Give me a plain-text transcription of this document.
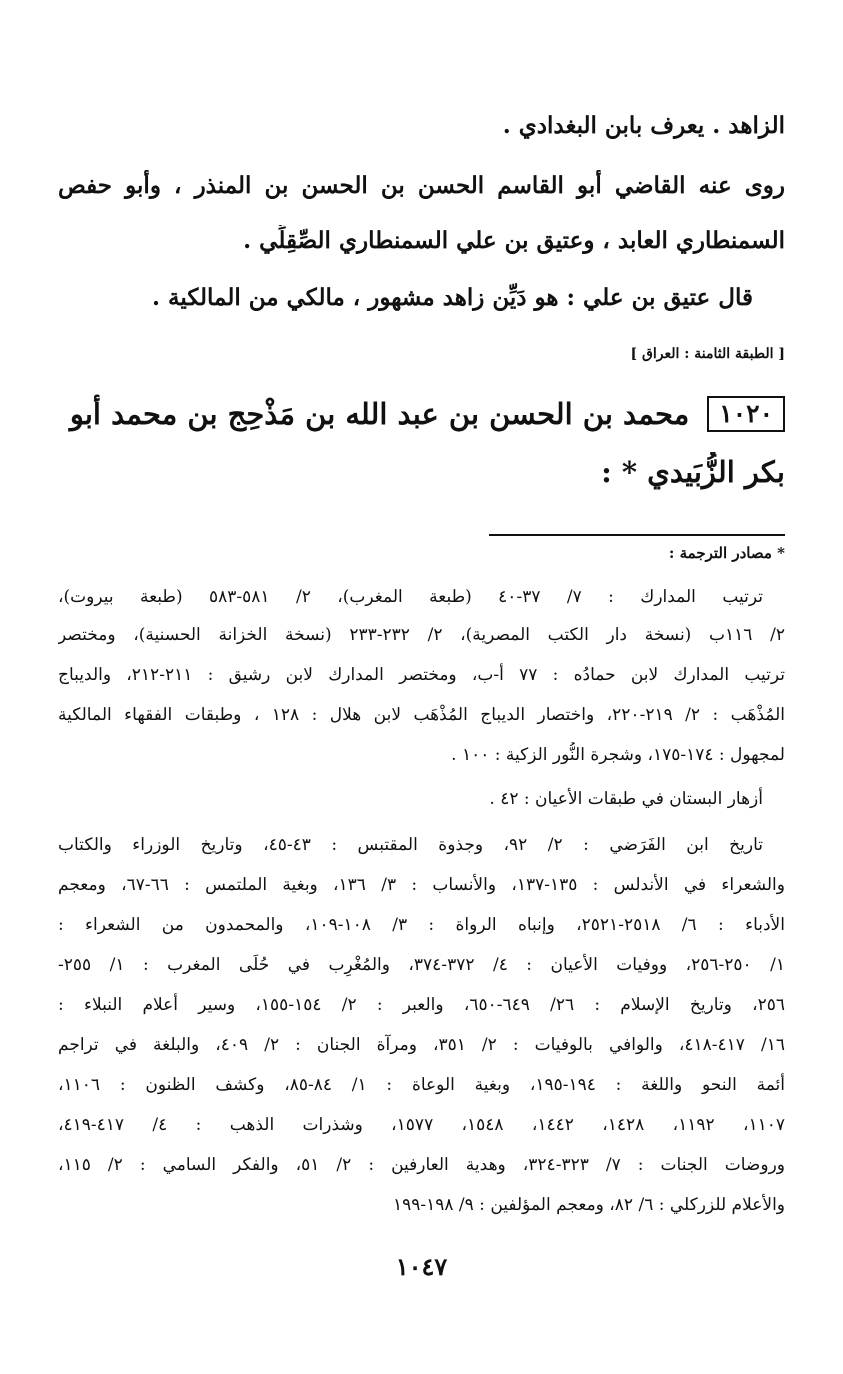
الزاهد . يعرف بابن البغدادي .
روى عنه القاضي أبو القاسم الحسن بن الحسن بن المنذر ، وأبو حفص
السمنطاري العابد ، وعتيق بن علي السمنطاري الصِّقِلِّي .
قال عتيق بن علي : هو دَيِّن زاهد مشهور ، مالكي من المالكية .
[ الطبقة الثامنة : العراق ]
١٠٢٠محمد بن الحسن بن عبد الله بن مَذْحِج بن محمد أبو
بكر الزُّبَيدي * :
* مصادر الترجمة :
ترتيب المدارك : ٧/ ٣٧-٤٠ (طبعة المغرب)، ٢/ ٥٨١-٥٨٣ (طبعة بيروت)،
٢/ ١١٦ب (نسخة دار الكتب المصرية)، ٢/ ٢٣٢-٢٣٣ (نسخة الخزانة الحسنية)، ومختصر
ترتيب المدارك لابن حمادُه : ٧٧ أ-ب، ومختصر المدارك لابن رشيق : ٢١١-٢١٢، والديباج
المُذْهَب : ٢/ ٢١٩-٢٢٠، واختصار الديباج المُذْهَب لابن هلال : ١٢٨ ، وطبقات الفقهاء المالكية
لمجهول : ١٧٤-١٧٥، وشجرة النُّور الزكية : ١٠٠ .
أزهار البستان في طبقات الأعيان : ٤٢ .
تاريخ ابن الفَرَضي : ٢/ ٩٢، وجذوة المقتبس : ٤٣-٤٥، وتاريخ الوزراء والكتاب
والشعراء في الأندلس : ١٣٥-١٣٧، والأنساب : ٣/ ١٣٦، وبغية الملتمس : ٦٦-٦٧، ومعجم
الأدباء : ٦/ ٢٥١٨-٢٥٢١، وإنباه الرواة : ٣/ ١٠٨-١٠٩، والمحمدون من الشعراء :
١/ ٢٥٠-٢٥٦، ووفيات الأعيان : ٤/ ٣٧٢-٣٧٤، والمُغْرِب في حُلَى المغرب : ١/ ٢٥٥-
٢٥٦، وتاريخ الإسلام : ٢٦/ ٦٤٩-٦٥٠، والعبر : ٢/ ١٥٤-١٥٥، وسير أعلام النبلاء :
١٦/ ٤١٧-٤١٨، والوافي بالوفيات : ٢/ ٣٥١، ومرآة الجنان : ٢/ ٤٠٩، والبلغة في تراجم
أئمة النحو واللغة : ١٩٤-١٩٥، وبغية الوعاة : ١/ ٨٤-٨٥، وكشف الظنون : ١١٠٦،
١١٠٧، ١١٩٢، ١٤٢٨، ١٤٤٢، ١٥٤٨، ١٥٧٧، وشذرات الذهب : ٤/ ٤١٧-٤١٩،
وروضات الجنات : ٧/ ٣٢٣-٣٢٤، وهدية العارفين : ٢/ ٥١، والفكر السامي : ٢/ ١١٥،
والأعلام للزركلي : ٦/ ٨٢، ومعجم المؤلفين : ٩/ ١٩٨-١٩٩
١٠٤٧
